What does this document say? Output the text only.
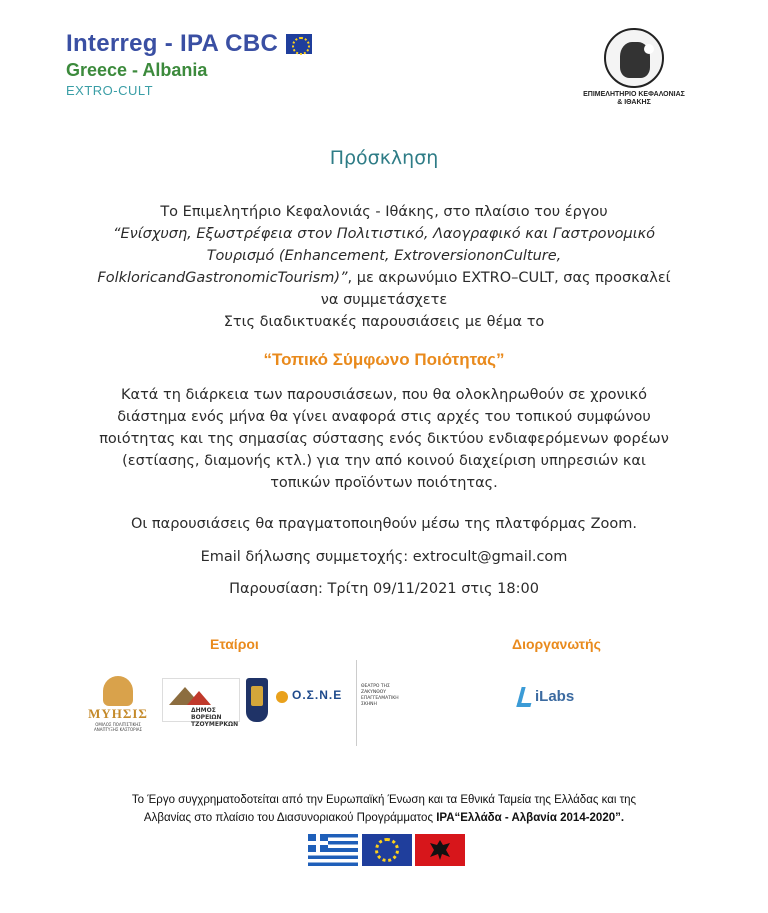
Interreg - IPA CBC
Greece - Albania
EXTRO-CULT	ΕΠΙΜΕΛΗΤΗΡΙΟ ΚΕΦΑΛΟΝΙΑΣ
& ΙΘΑΚΗΣ
Πρόσκληση
Το Επιμελητήριο Κεφαλονιάς - Ιθάκης, στο πλαίσιο του έργου
“Ενίσχυση, Εξωστρέφεια στον Πολιτιστικό, Λαογραφικό και Γαστρονομικό Τουρισμό (Enhancement, ExtroversiononCulture, FolkloricandGastronomicTourism)”, με ακρωνύμιο EXTRO–CULT, σας προσκαλεί να συμμετάσχετε
Στις διαδικτυακές παρουσιάσεις με θέμα το
“Τοπικό Σύμφωνο Ποιότητας”
Κατά τη διάρκεια των παρουσιάσεων, που θα ολοκληρωθούν σε χρονικό διάστημα ενός μήνα θα γίνει αναφορά στις αρχές του τοπικού συμφώνου ποιότητας και της σημασίας σύστασης ενός δικτύου ενδιαφερόμενων φορέων (εστίασης, διαμονής κτλ.) για την από κοινού διαχείριση υπηρεσιών και τοπικών προϊόντων ποιότητας.
Οι παρουσιάσεις θα πραγματοποιηθούν μέσω της πλατφόρμας Zoom.
Email δήλωσης συμμετοχής: extrocult@gmail.com
Παρουσίαση: Τρίτη 09/11/2021 στις 18:00
Εταίροι	Διοργανωτής
ΜΥΗΣΙΣ
ΟΜΙΛΟΣ ΠΟΛΙΤΙΣΤΙΚΗΣ ΑΝΑΠΤΥΞΗΣ ΚΑΣΤΟΡΙΑΣ
ΔΗΜΟΣ ΒΟΡΕΙΩΝ ΤΖΟΥΜΕΡΚΩΝ
Ο.Σ.Ν.Ε
ΘΕΑΤΡΟ ΤΗΣ ΖΑΚΥΝΘΟΥ ΕΠΑΓΓΕΛΜΑΤΙΚΗ ΣΚΗΝΗ	iLabs
Το Έργο συγχρηματοδοτείται από την Ευρωπαϊκή Ένωση και τα Εθνικά Ταμεία της Ελλάδας και της
Αλβανίας στο πλαίσιο του Διασυνοριακού Προγράμματος IPA“Ελλάδα - Αλβανία 2014-2020”.
